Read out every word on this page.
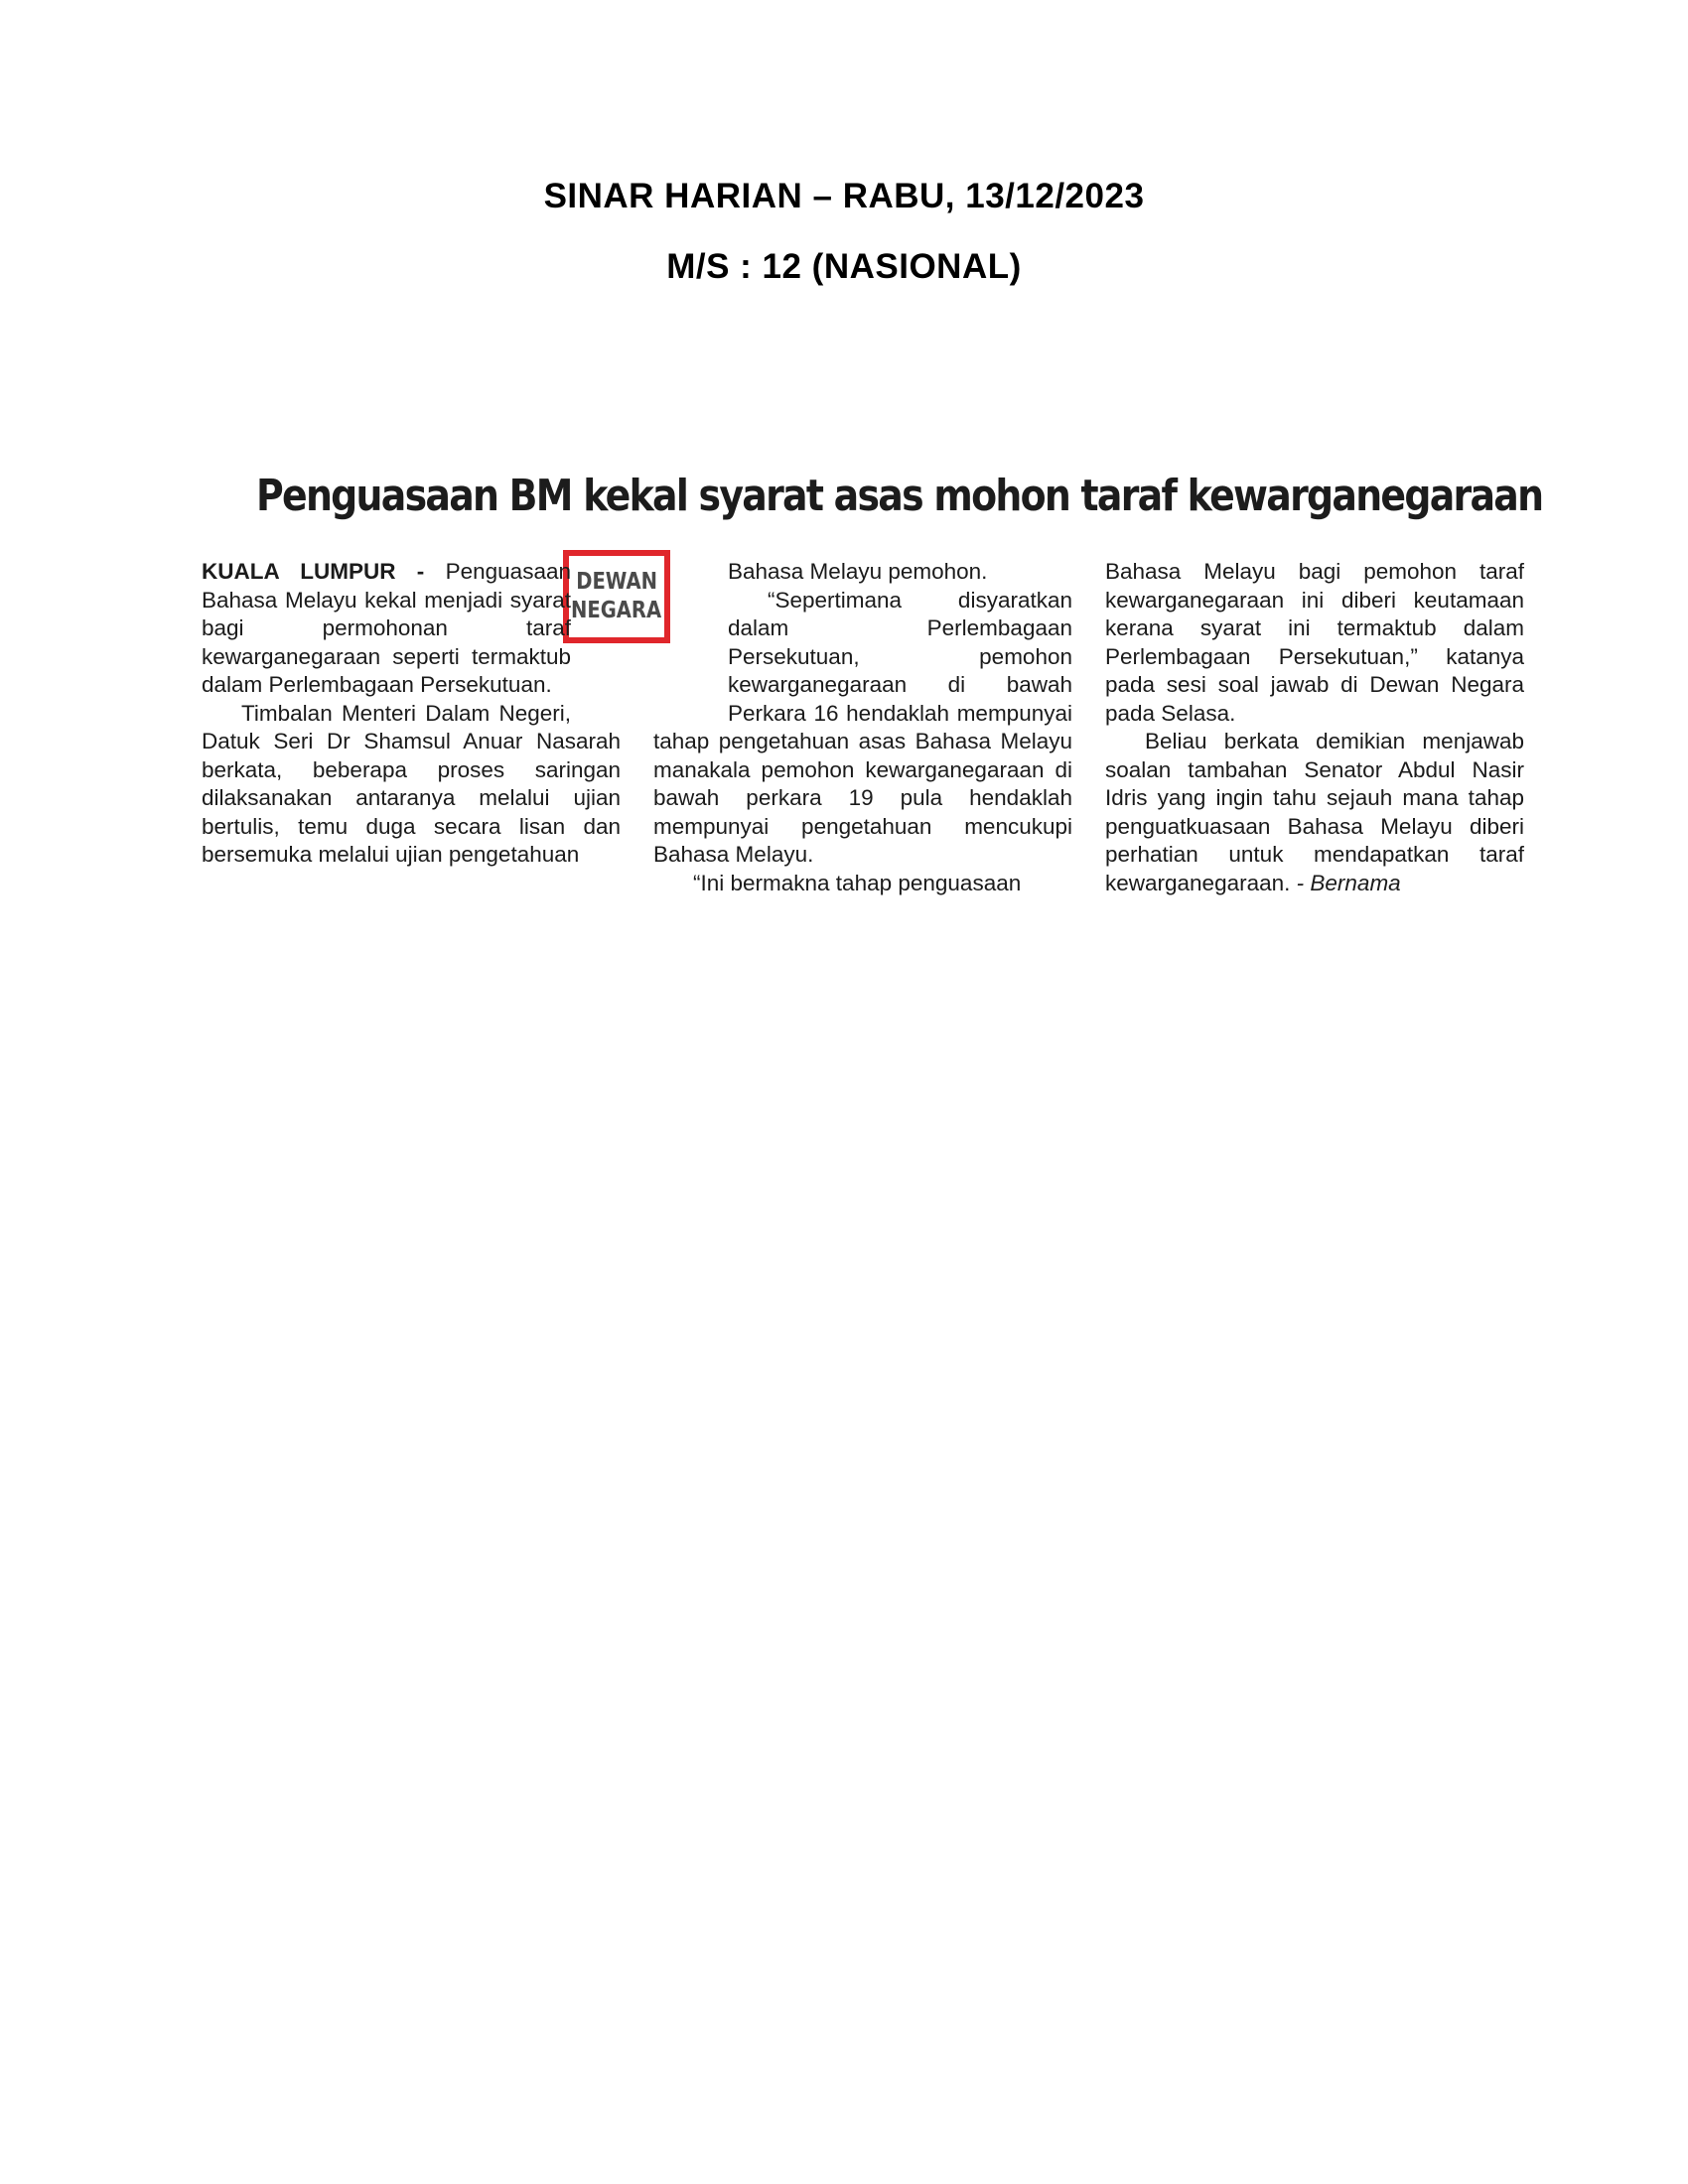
SINAR HARIAN – RABU, 13/12/2023
M/S : 12 (NASIONAL)
Penguasaan BM kekal syarat asas mohon taraf kewarganegaraan
DEWAN
NEGARA

KUALA LUMPUR - Penguasaan Bahasa Melayu kekal menjadi syarat bagi permohonan taraf kewarganegaraan seperti termaktub dalam Perlembagaan Persekutuan.

Timbalan Menteri Dalam Negeri, Datuk Seri Dr Shamsul Anuar Nasarah berkata, beberapa proses saringan dilaksanakan antaranya melalui ujian bertulis, temu duga secara lisan dan bersemuka melalui ujian pengetahuan

Bahasa Melayu pemohon.

“Sepertimana disyaratkan dalam Perlembagaan Persekutuan, pemohon kewarganegaraan di bawah Perkara 16 hendaklah mempunyai tahap pengetahuan asas Bahasa Melayu manakala pemohon kewarganegaraan di bawah perkara 19 pula hendaklah mempunyai pengetahuan mencukupi Bahasa Melayu.

“Ini bermakna tahap penguasaan

Bahasa Melayu bagi pemohon taraf kewarganegaraan ini diberi keutamaan kerana syarat ini termaktub dalam Perlembagaan Persekutuan,” katanya pada sesi soal jawab di Dewan Negara pada Selasa.

Beliau berkata demikian menjawab soalan tambahan Senator Abdul Nasir Idris yang ingin tahu sejauh mana tahap penguatkuasaan Bahasa Melayu diberi perhatian untuk mendapatkan taraf kewarganegaraan. - Bernama
